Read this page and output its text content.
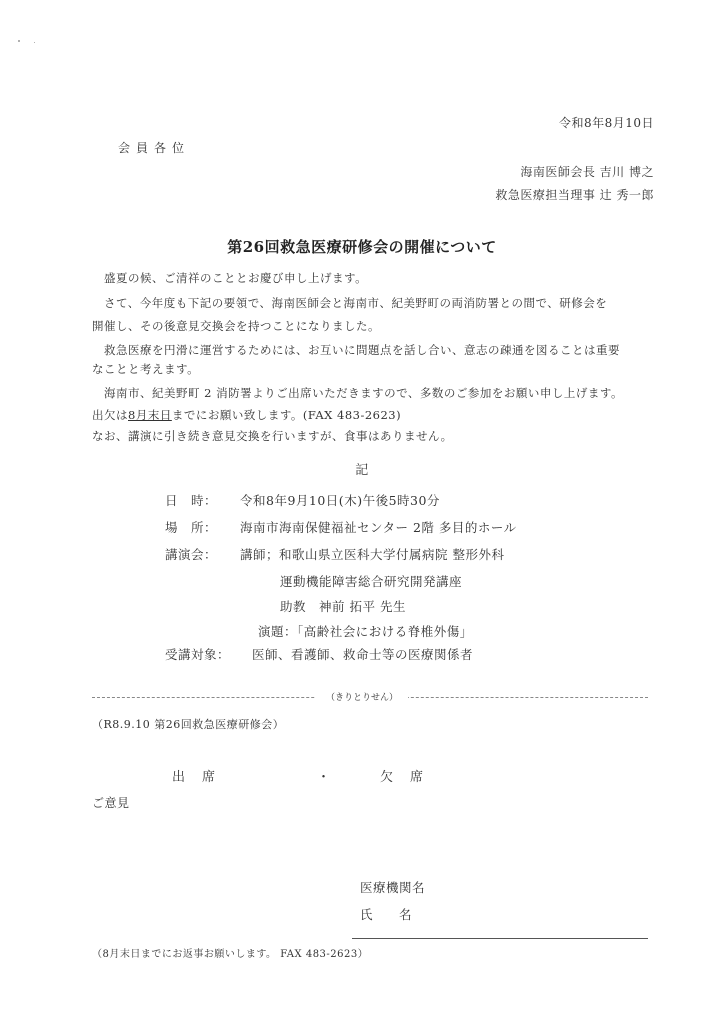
令和8年8月10日
会員各位
海南医師会長 吉川 博之
救急医療担当理事 辻 秀一郎
第26回救急医療研修会の開催について
盛夏の候、ご清祥のこととお慶び申し上げます。
さて、今年度も下記の要領で、海南医師会と海南市、紀美野町の両消防署との間で、研修会を
開催し、その後意見交換会を持つことになりました。
救急医療を円滑に運営するためには、お互いに問題点を話し合い、意志の疎通を図ることは重要
なことと考えます。
海南市、紀美野町 2 消防署よりご出席いただきますので、多数のご参加をお願い申し上げます。
出欠は8月末日までにお願い致します。(FAX 483-2623)
なお、講演に引き続き意見交換を行いますが、食事はありません。
記
日　時： 令和8年9月10日(木)午後5時30分
場　所： 海南市海南保健福祉センター 2階 多目的ホール
講演会： 講師；和歌山県立医科大学付属病院 整形外科
運動機能障害総合研究開発講座
助教　神前 拓平 先生
演題：「高齢社会における脊椎外傷」
受講対象： 医師、看護師、救命士等の医療関係者
（きりとりせん）
（R8.9.10 第26回救急医療研修会）
出　席	・	欠　席
ご意見
医療機関名
氏　　名
（8月末日までにお返事お願いします。 FAX 483-2623）
